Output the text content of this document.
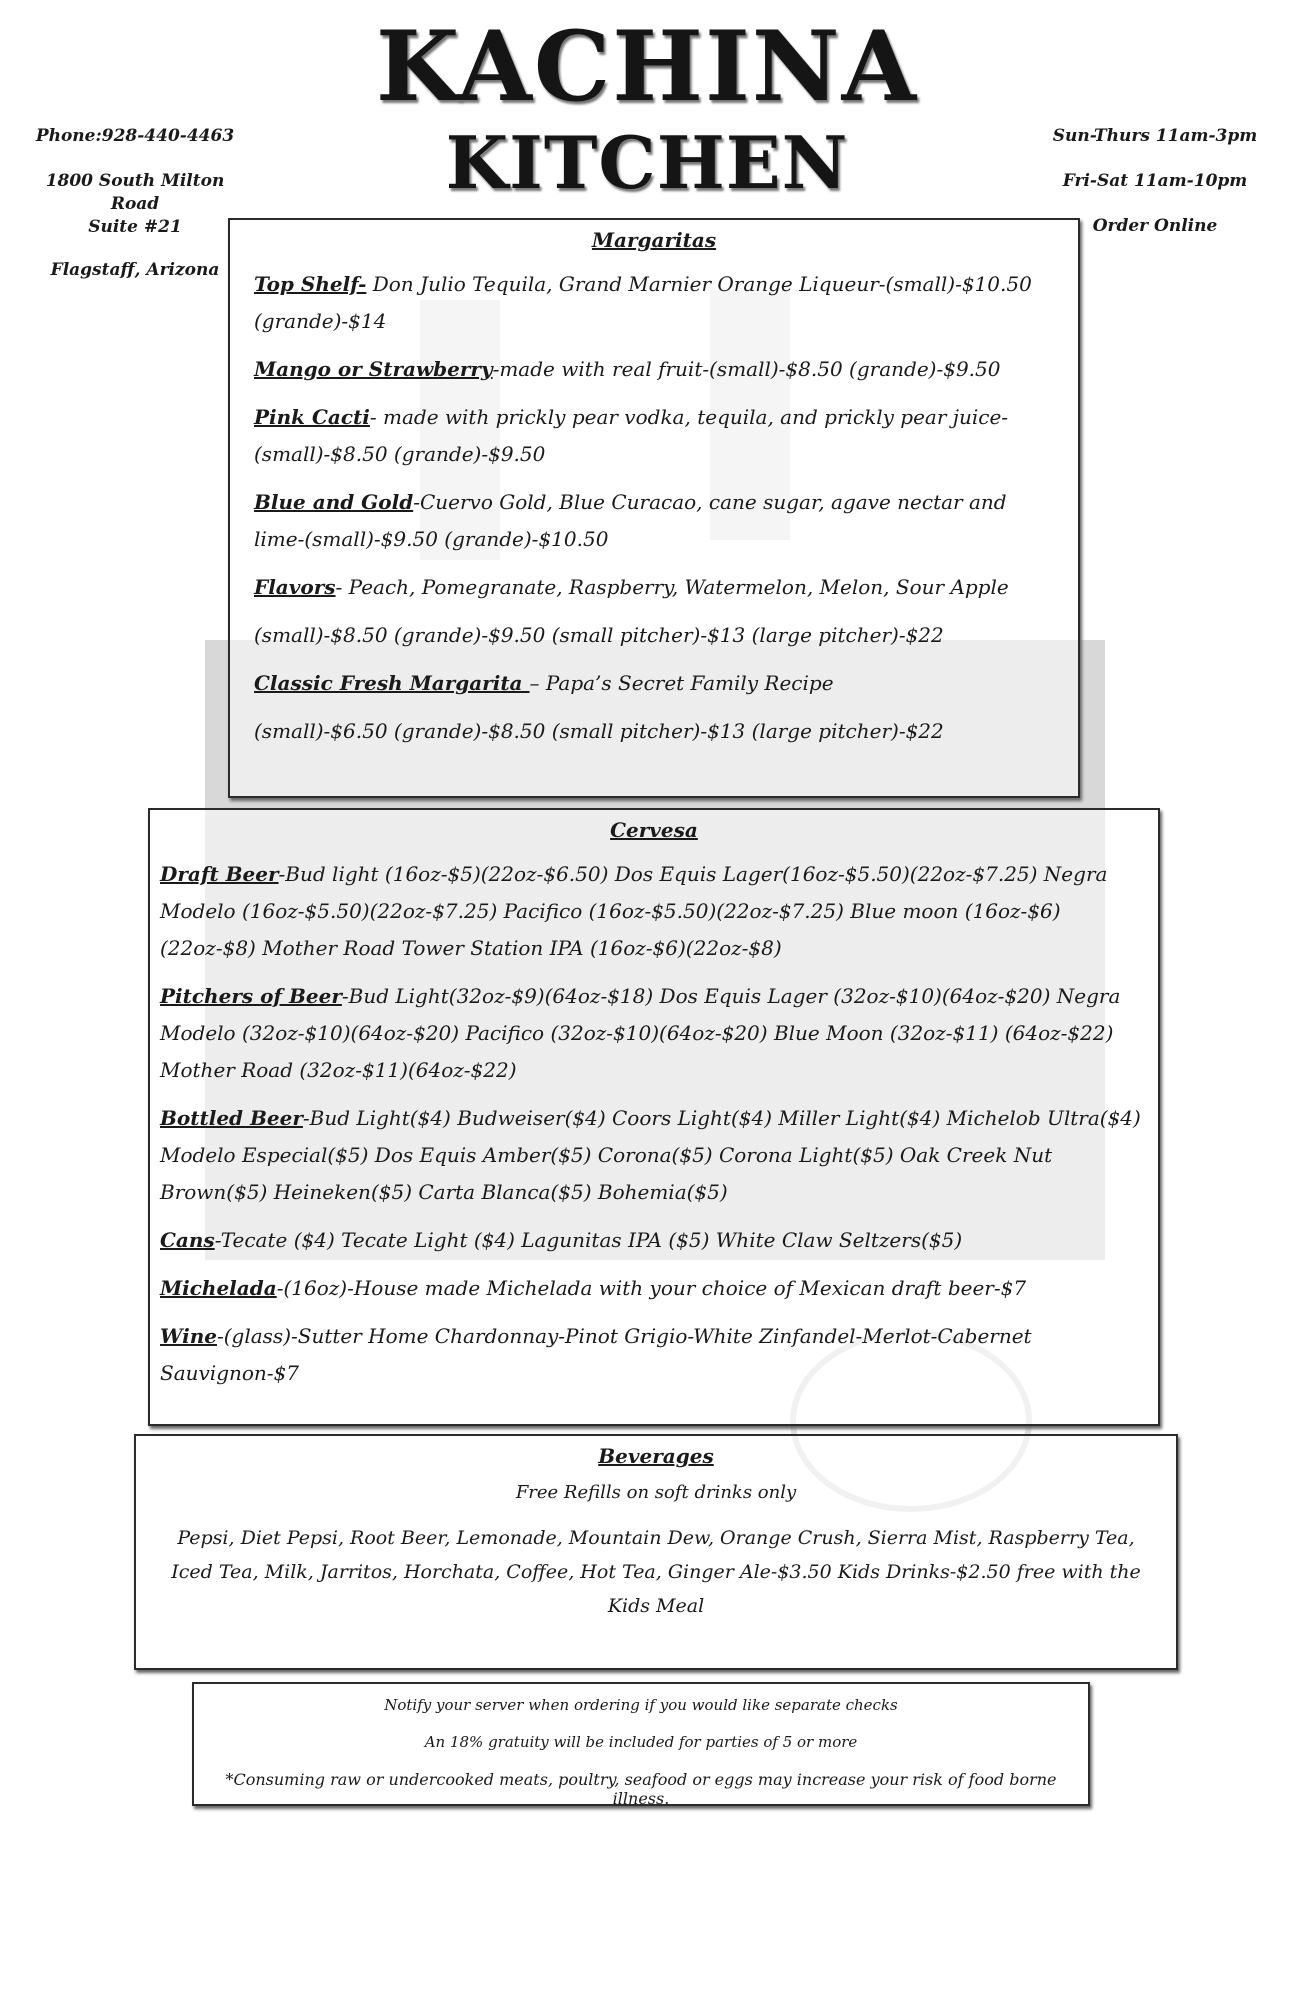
KACHINA
KITCHEN
Phone:928-440-4463
1800 South Milton Road
Suite #21
Flagstaff, Arizona
Sun-Thurs 11am-3pm
Fri-Sat 11am-10pm
Order Online
Margaritas
Top Shelf- Don Julio Tequila, Grand Marnier Orange Liqueur-(small)-$10.50 (grande)-$14
Mango or Strawberry-made with real fruit-(small)-$8.50 (grande)-$9.50
Pink Cacti- made with prickly pear vodka, tequila, and prickly pear juice-(small)-$8.50 (grande)-$9.50
Blue and Gold-Cuervo Gold, Blue Curacao, cane sugar, agave nectar and lime-(small)-$9.50 (grande)-$10.50
Flavors- Peach, Pomegranate, Raspberry, Watermelon, Melon, Sour Apple
(small)-$8.50 (grande)-$9.50 (small pitcher)-$13 (large pitcher)-$22
Classic Fresh Margarita – Papa’s Secret Family Recipe
(small)-$6.50 (grande)-$8.50 (small pitcher)-$13 (large pitcher)-$22
Cervesa
Draft Beer-Bud light (16oz-$5)(22oz-$6.50) Dos Equis Lager(16oz-$5.50)(22oz-$7.25) Negra Modelo (16oz-$5.50)(22oz-$7.25) Pacifico (16oz-$5.50)(22oz-$7.25) Blue moon (16oz-$6)(22oz-$8) Mother Road Tower Station IPA (16oz-$6)(22oz-$8)
Pitchers of Beer-Bud Light(32oz-$9)(64oz-$18) Dos Equis Lager (32oz-$10)(64oz-$20) Negra Modelo (32oz-$10)(64oz-$20) Pacifico (32oz-$10)(64oz-$20) Blue Moon (32oz-$11) (64oz-$22) Mother Road (32oz-$11)(64oz-$22)
Bottled Beer-Bud Light($4) Budweiser($4) Coors Light($4) Miller Light($4) Michelob Ultra($4) Modelo Especial($5) Dos Equis Amber($5) Corona($5) Corona Light($5) Oak Creek Nut Brown($5) Heineken($5) Carta Blanca($5) Bohemia($5)
Cans-Tecate ($4) Tecate Light ($4) Lagunitas IPA ($5) White Claw Seltzers($5)
Michelada-(16oz)-House made Michelada with your choice of Mexican draft beer-$7
Wine-(glass)-Sutter Home Chardonnay-Pinot Grigio-White Zinfandel-Merlot-Cabernet Sauvignon-$7
Beverages
Free Refills on soft drinks only
Pepsi, Diet Pepsi, Root Beer, Lemonade, Mountain Dew, Orange Crush, Sierra Mist, Raspberry Tea, Iced Tea, Milk, Jarritos, Horchata, Coffee, Hot Tea, Ginger Ale-$3.50 Kids Drinks-$2.50 free with the Kids Meal
Notify your server when ordering if you would like separate checks
An 18% gratuity will be included for parties of 5 or more
*Consuming raw or undercooked meats, poultry, seafood or eggs may increase your risk of food borne illness.
